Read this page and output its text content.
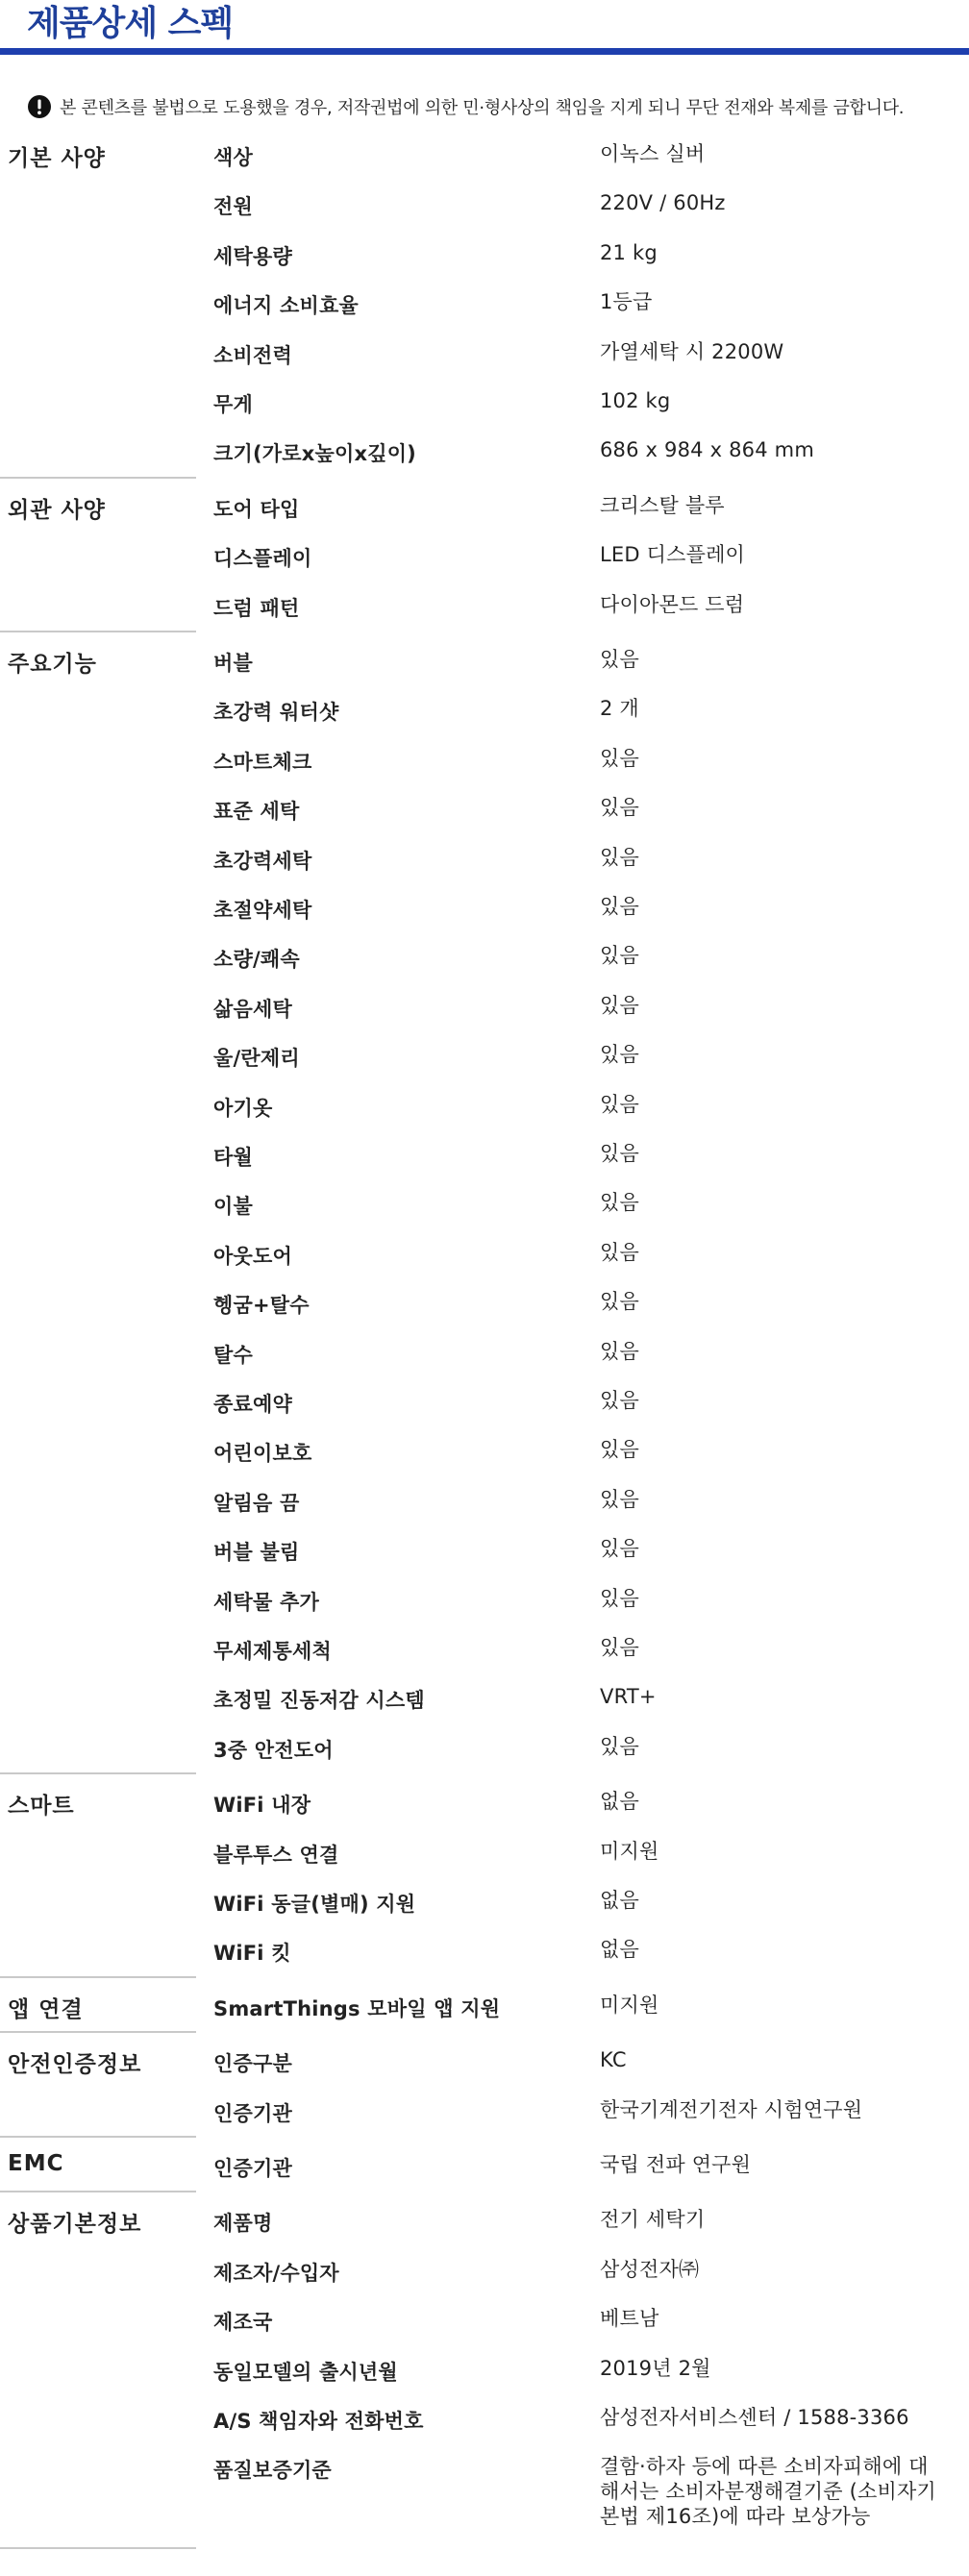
제품상세 스펙
본 콘텐츠를 불법으로 도용했을 경우, 저작권법에 의한 민·형사상의 책임을 지게 되니 무단 전재와 복제를 금합니다.
기본 사양	색상	이녹스 실버
전원	220V / 60Hz
세탁용량	21 kg
에너지 소비효율	1등급
소비전력	가열세탁 시 2200W
무게	102 kg
크기(가로x높이x깊이)	686 x 984 x 864 mm
외관 사양	도어 타입	크리스탈 블루
디스플레이	LED 디스플레이
드럼 패턴	다이아몬드 드럼
주요기능	버블	있음
초강력 워터샷	2 개
스마트체크	있음
표준 세탁	있음
초강력세탁	있음
초절약세탁	있음
소량/쾌속	있음
삶음세탁	있음
울/란제리	있음
아기옷	있음
타월	있음
이불	있음
아웃도어	있음
헹굼+탈수	있음
탈수	있음
종료예약	있음
어린이보호	있음
알림음 끔	있음
버블 불림	있음
세탁물 추가	있음
무세제통세척	있음
초정밀 진동저감 시스템	VRT+
3중 안전도어	있음
스마트	WiFi 내장	없음
블루투스 연결	미지원
WiFi 동글(별매) 지원	없음
WiFi 킷	없음
앱 연결	SmartThings 모바일 앱 지원	미지원
안전인증정보	인증구분	KC
인증기관	한국기계전기전자 시험연구원
EMC	인증기관	국립 전파 연구원
상품기본정보	제품명	전기 세탁기
제조자/수입자	삼성전자㈜
제조국	베트남
동일모델의 출시년월	2019년 2월
A/S 책임자와 전화번호	삼성전자서비스센터 / 1588-3366
품질보증기준	결함·하자 등에 따른 소비자피해에 대해서는 소비자분쟁해결기준 (소비자기본법 제16조)에 따라 보상가능
